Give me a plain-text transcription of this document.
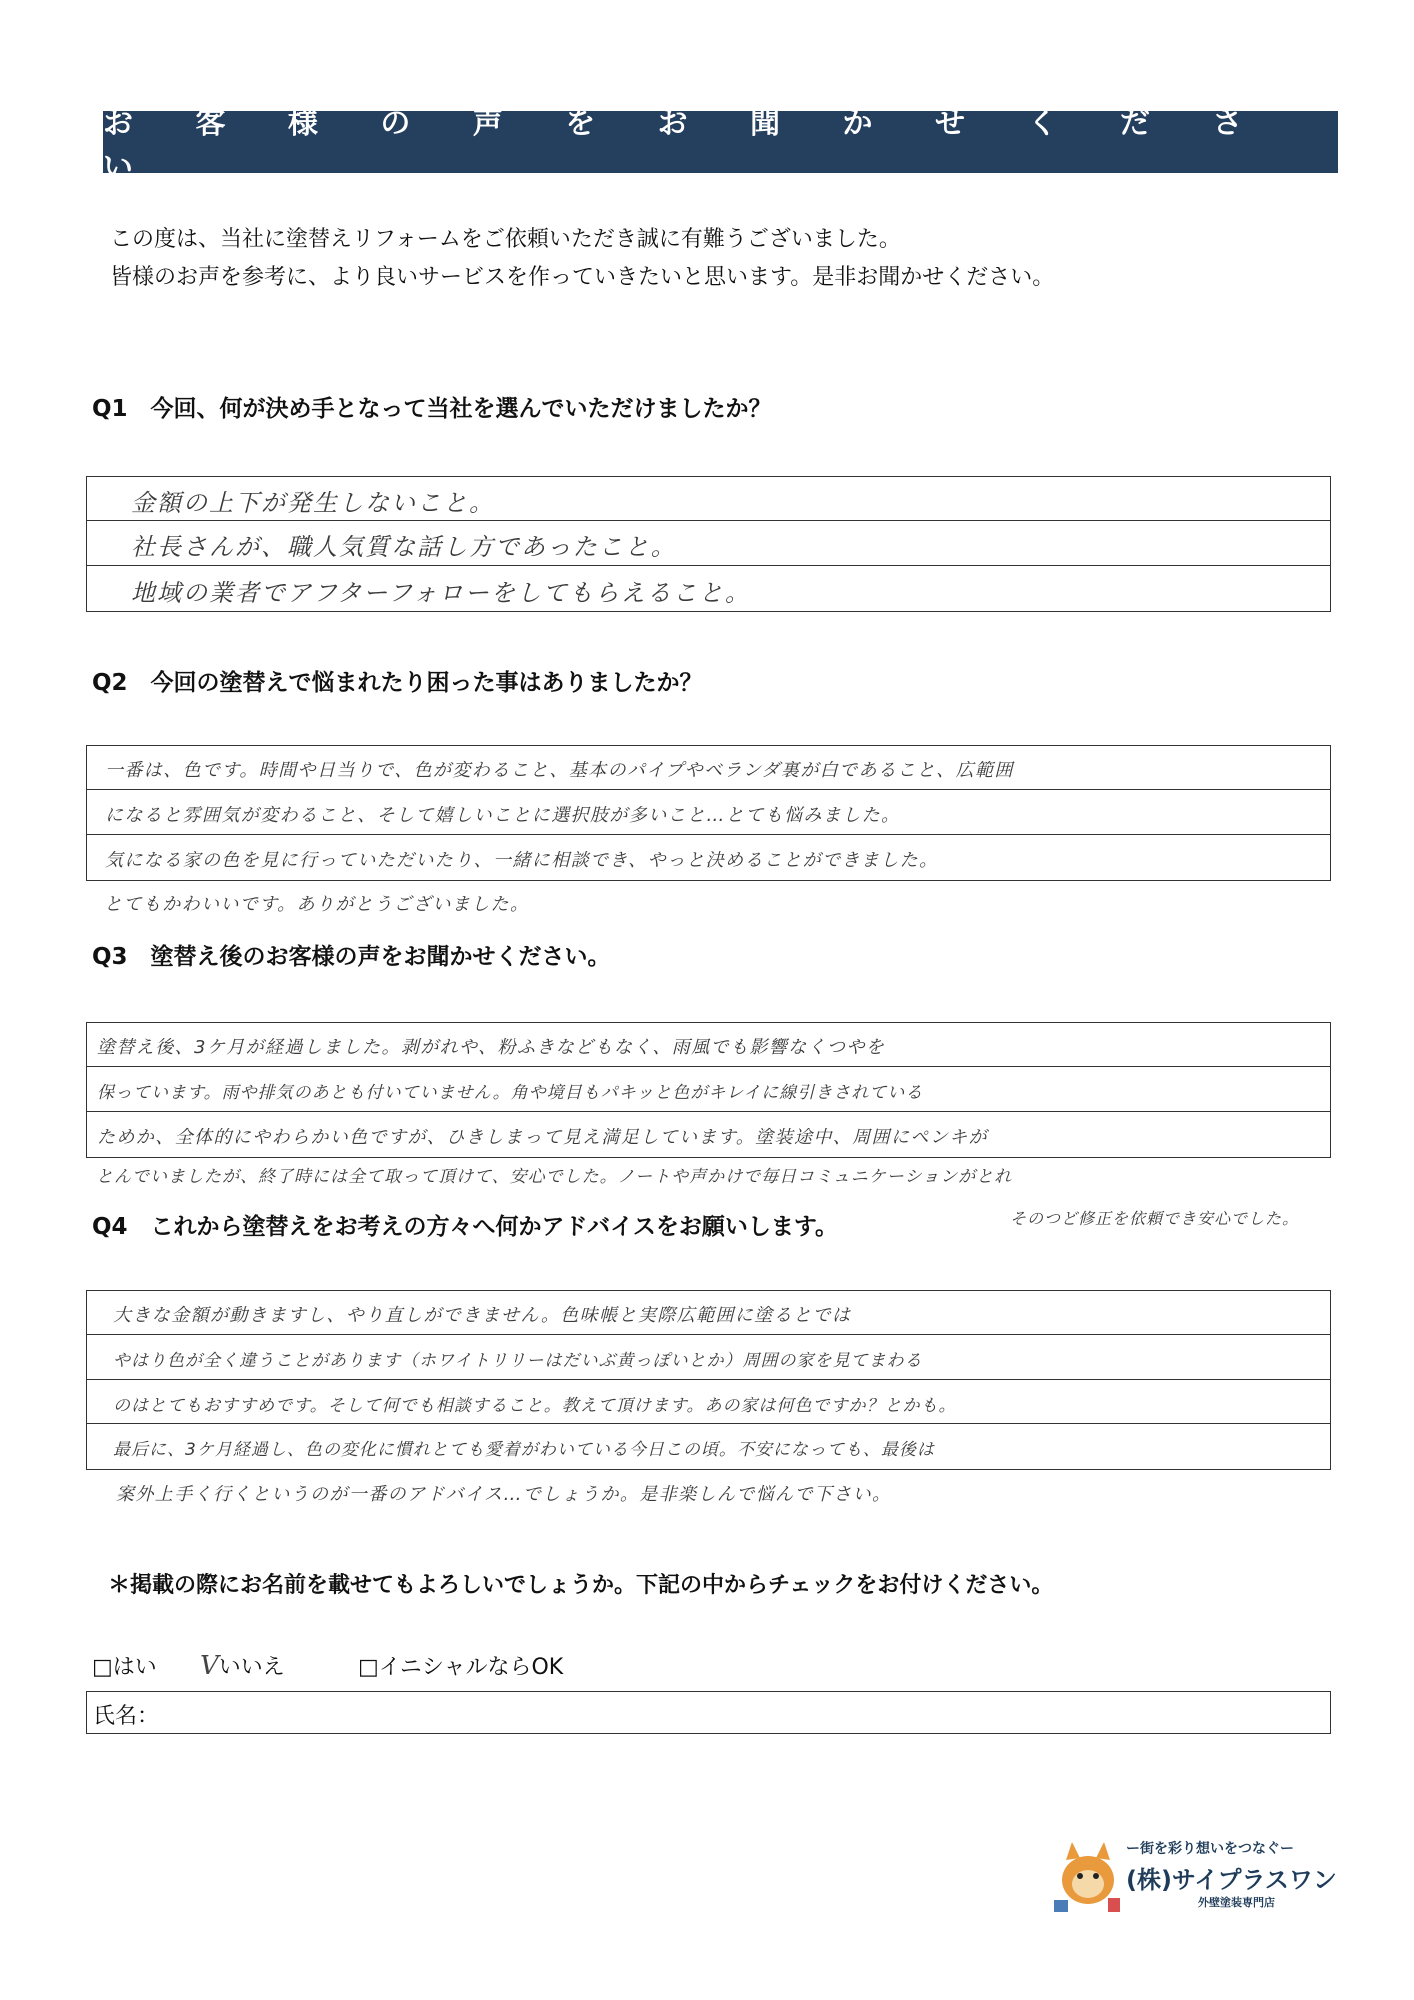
お 客 様 の 声 を お 聞 か せ く だ さ い
この度は、当社に塗替えリフォームをご依頼いただき誠に有難うございました。
皆様のお声を参考に、より良いサービスを作っていきたいと思います。是非お聞かせください。
Q1　今回、何が決め手となって当社を選んでいただけましたか？
金額の上下が発生しないこと。
社長さんが、職人気質な話し方であったこと。
地域の業者でアフターフォローをしてもらえること。
Q2　今回の塗替えで悩まれたり困った事はありましたか？
一番は、色です。時間や日当りで、色が変わること、基本のパイプやベランダ裏が白であること、広範囲
になると雰囲気が変わること、そして嬉しいことに選択肢が多いこと…とても悩みました。
気になる家の色を見に行っていただいたり、一緒に相談でき、やっと決めることができました。
とてもかわいいです。ありがとうございました。
Q3　塗替え後のお客様の声をお聞かせください。
塗替え後、3ケ月が経過しました。剥がれや、粉ふきなどもなく、雨風でも影響なくつやを
保っています。雨や排気のあとも付いていません。角や境目もパキッと色がキレイに線引きされている
ためか、全体的にやわらかい色ですが、ひきしまって見え満足しています。塗装途中、周囲にペンキが
とんでいましたが、終了時には全て取って頂けて、安心でした。ノートや声かけで毎日コミュニケーションがとれ
Q4　これから塗替えをお考えの方々へ何かアドバイスをお願いします。	そのつど修正を依頼でき安心でした。
大きな金額が動きますし、やり直しができません。色味帳と実際広範囲に塗るとでは
やはり色が全く違うことがあります（ホワイトリリーはだいぶ黄っぽいとか）周囲の家を見てまわる
のはとてもおすすめです。そして何でも相談すること。教えて頂けます。あの家は何色ですか？とかも。
最后に、3ケ月経過し、色の変化に慣れとても愛着がわいている今日この頃。不安になっても、最後は
案外上手く行くというのが一番のアドバイス…でしょうか。是非楽しんで悩んで下さい。
＊掲載の際にお名前を載せてもよろしいでしょうか。下記の中からチェックをお付けください。
□はい Vいいえ	□イニシャルならOK
氏名：
ー街を彩り想いをつなぐー
(株)サイプラスワン
外壁塗装専門店
